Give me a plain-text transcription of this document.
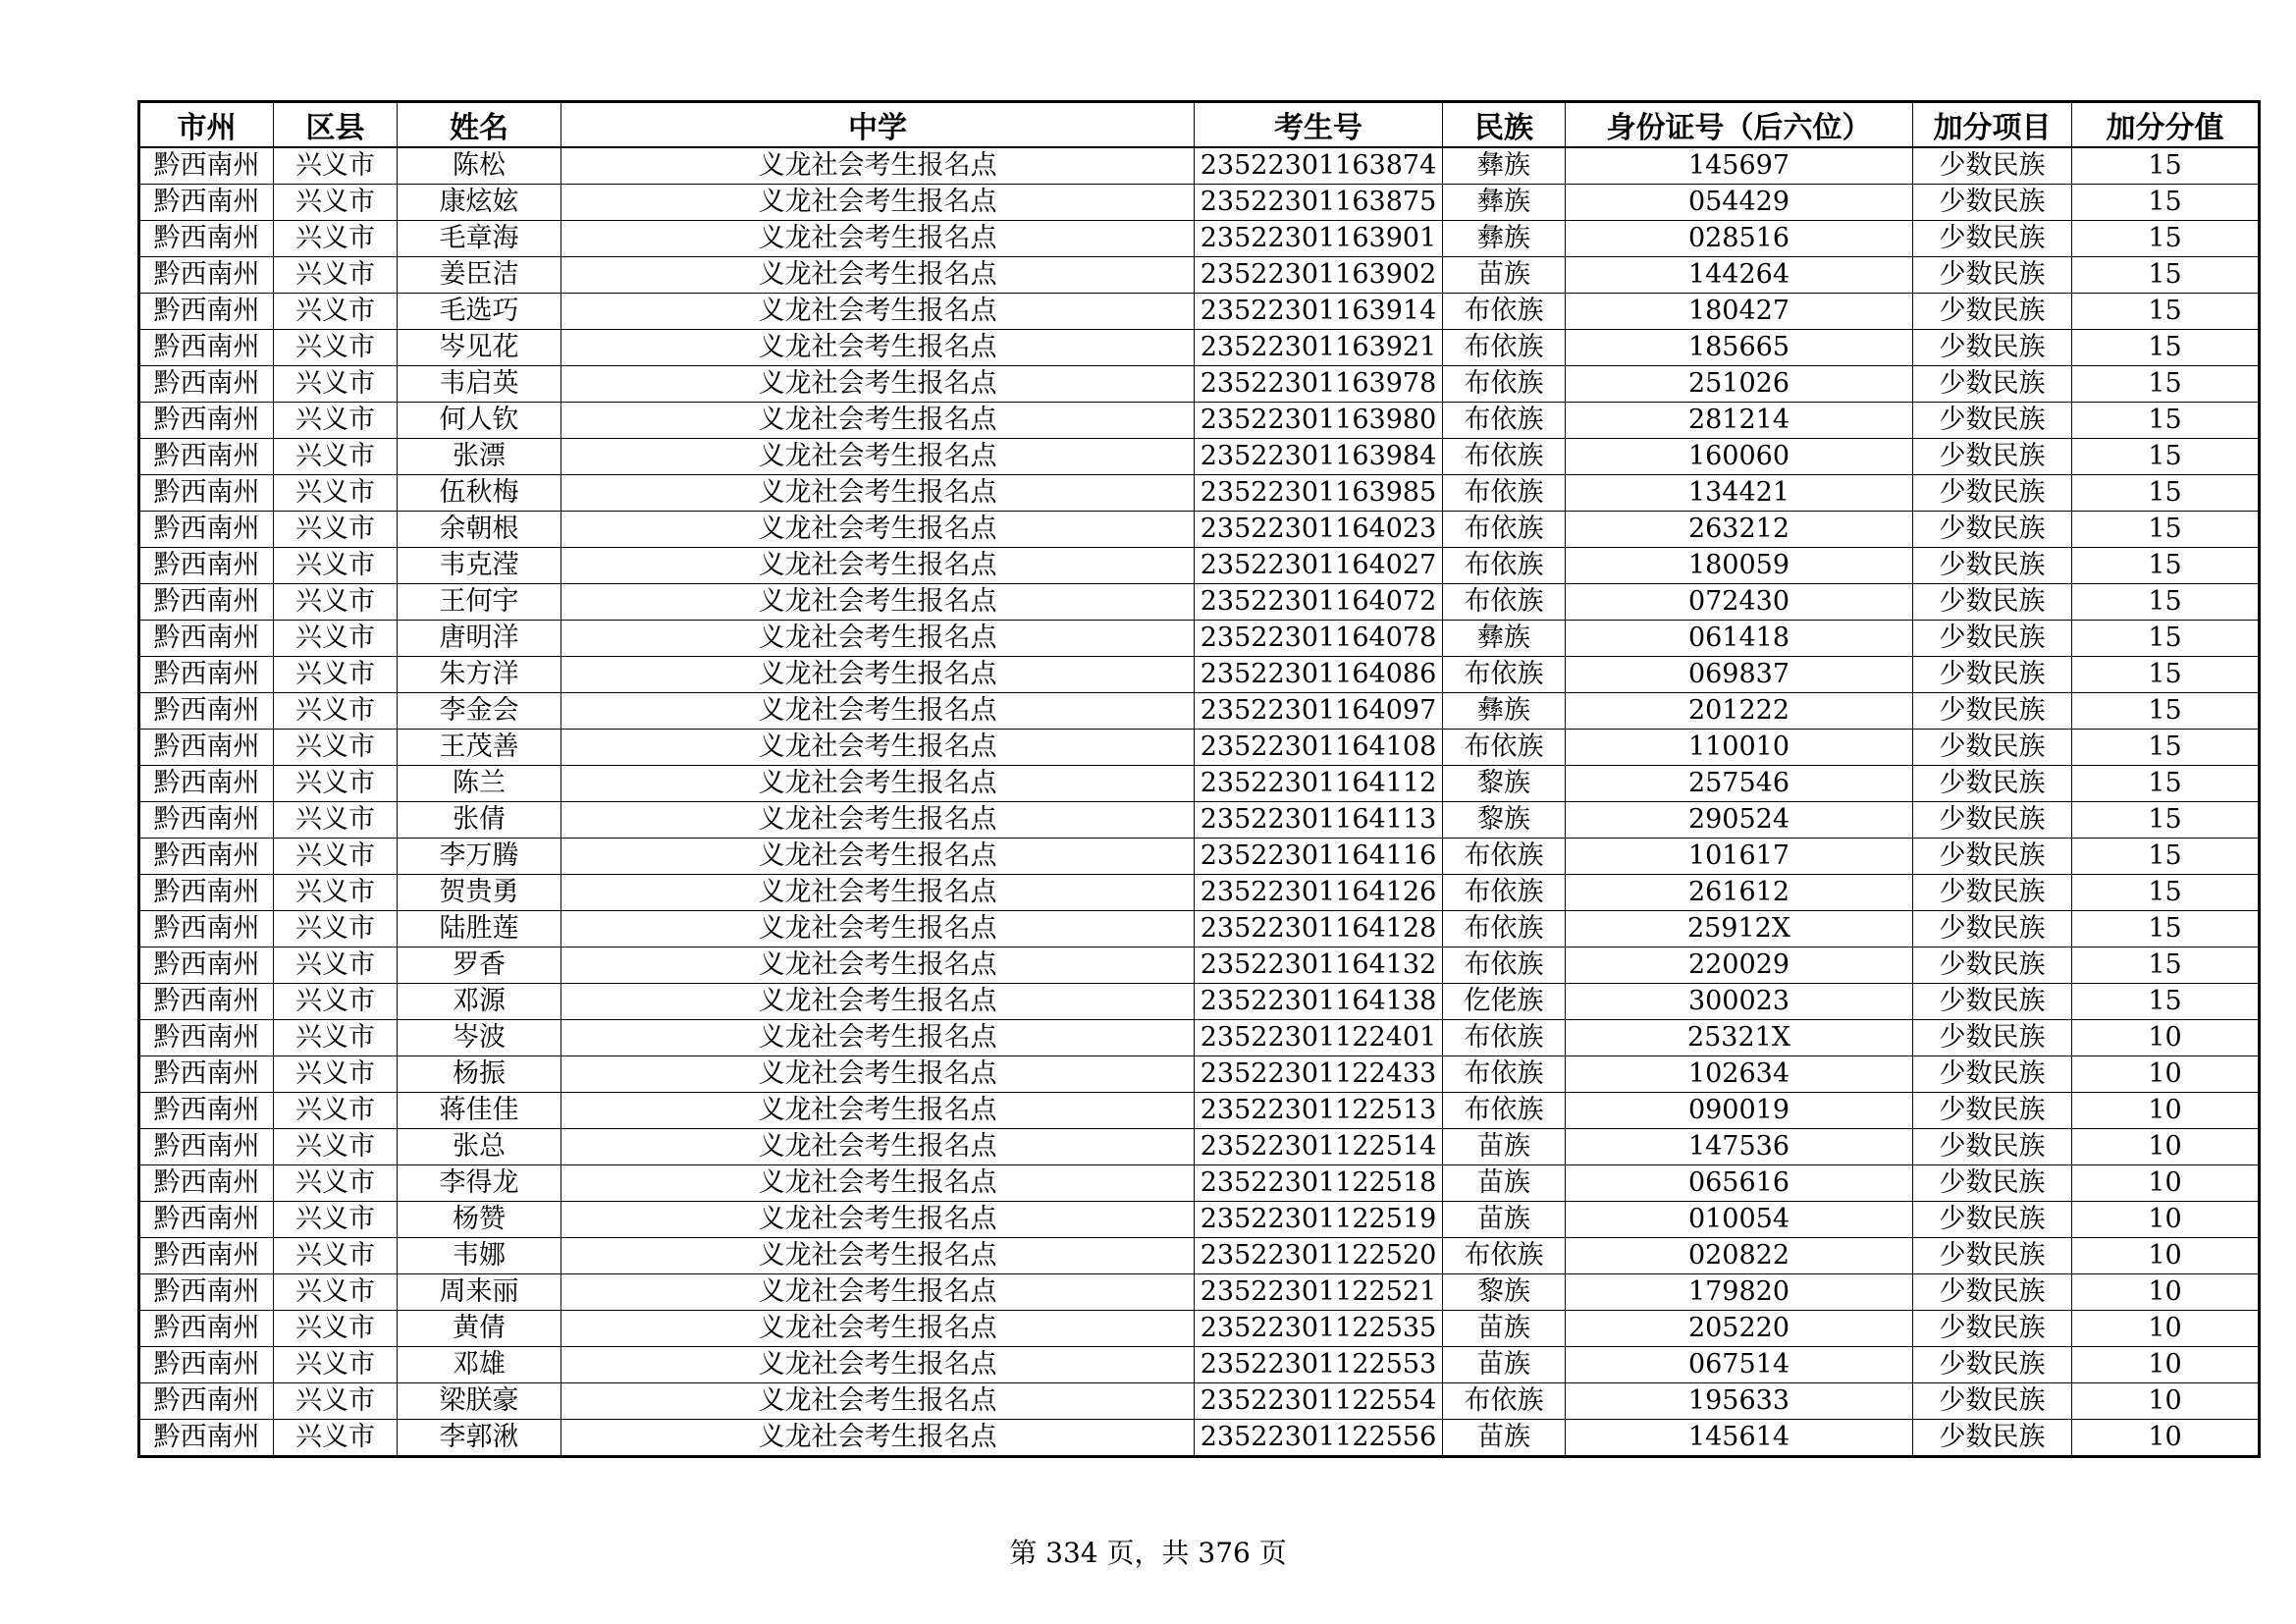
市州	区县	姓名	中学	考生号	民族	身份证号（后六位）	加分项目	加分分值
黔西南州	兴义市	陈松	义龙社会考生报名点	23522301163874	彝族	145697	少数民族	15
黔西南州	兴义市	康炫妶	义龙社会考生报名点	23522301163875	彝族	054429	少数民族	15
黔西南州	兴义市	毛章海	义龙社会考生报名点	23522301163901	彝族	028516	少数民族	15
黔西南州	兴义市	姜臣洁	义龙社会考生报名点	23522301163902	苗族	144264	少数民族	15
黔西南州	兴义市	毛选巧	义龙社会考生报名点	23522301163914	布依族	180427	少数民族	15
黔西南州	兴义市	岑见花	义龙社会考生报名点	23522301163921	布依族	185665	少数民族	15
黔西南州	兴义市	韦启英	义龙社会考生报名点	23522301163978	布依族	251026	少数民族	15
黔西南州	兴义市	何人钦	义龙社会考生报名点	23522301163980	布依族	281214	少数民族	15
黔西南州	兴义市	张漂	义龙社会考生报名点	23522301163984	布依族	160060	少数民族	15
黔西南州	兴义市	伍秋梅	义龙社会考生报名点	23522301163985	布依族	134421	少数民族	15
黔西南州	兴义市	余朝根	义龙社会考生报名点	23522301164023	布依族	263212	少数民族	15
黔西南州	兴义市	韦克滢	义龙社会考生报名点	23522301164027	布依族	180059	少数民族	15
黔西南州	兴义市	王何宇	义龙社会考生报名点	23522301164072	布依族	072430	少数民族	15
黔西南州	兴义市	唐明洋	义龙社会考生报名点	23522301164078	彝族	061418	少数民族	15
黔西南州	兴义市	朱方洋	义龙社会考生报名点	23522301164086	布依族	069837	少数民族	15
黔西南州	兴义市	李金会	义龙社会考生报名点	23522301164097	彝族	201222	少数民族	15
黔西南州	兴义市	王茂善	义龙社会考生报名点	23522301164108	布依族	110010	少数民族	15
黔西南州	兴义市	陈兰	义龙社会考生报名点	23522301164112	黎族	257546	少数民族	15
黔西南州	兴义市	张倩	义龙社会考生报名点	23522301164113	黎族	290524	少数民族	15
黔西南州	兴义市	李万腾	义龙社会考生报名点	23522301164116	布依族	101617	少数民族	15
黔西南州	兴义市	贺贵勇	义龙社会考生报名点	23522301164126	布依族	261612	少数民族	15
黔西南州	兴义市	陆胜莲	义龙社会考生报名点	23522301164128	布依族	25912X	少数民族	15
黔西南州	兴义市	罗香	义龙社会考生报名点	23522301164132	布依族	220029	少数民族	15
黔西南州	兴义市	邓源	义龙社会考生报名点	23522301164138	仡佬族	300023	少数民族	15
黔西南州	兴义市	岑波	义龙社会考生报名点	23522301122401	布依族	25321X	少数民族	10
黔西南州	兴义市	杨振	义龙社会考生报名点	23522301122433	布依族	102634	少数民族	10
黔西南州	兴义市	蒋佳佳	义龙社会考生报名点	23522301122513	布依族	090019	少数民族	10
黔西南州	兴义市	张总	义龙社会考生报名点	23522301122514	苗族	147536	少数民族	10
黔西南州	兴义市	李得龙	义龙社会考生报名点	23522301122518	苗族	065616	少数民族	10
黔西南州	兴义市	杨赞	义龙社会考生报名点	23522301122519	苗族	010054	少数民族	10
黔西南州	兴义市	韦娜	义龙社会考生报名点	23522301122520	布依族	020822	少数民族	10
黔西南州	兴义市	周来丽	义龙社会考生报名点	23522301122521	黎族	179820	少数民族	10
黔西南州	兴义市	黄倩	义龙社会考生报名点	23522301122535	苗族	205220	少数民族	10
黔西南州	兴义市	邓雄	义龙社会考生报名点	23522301122553	苗族	067514	少数民族	10
黔西南州	兴义市	梁朕豪	义龙社会考生报名点	23522301122554	布依族	195633	少数民族	10
黔西南州	兴义市	李郭湫	义龙社会考生报名点	23522301122556	苗族	145614	少数民族	10
第 334 页，共 376 页
